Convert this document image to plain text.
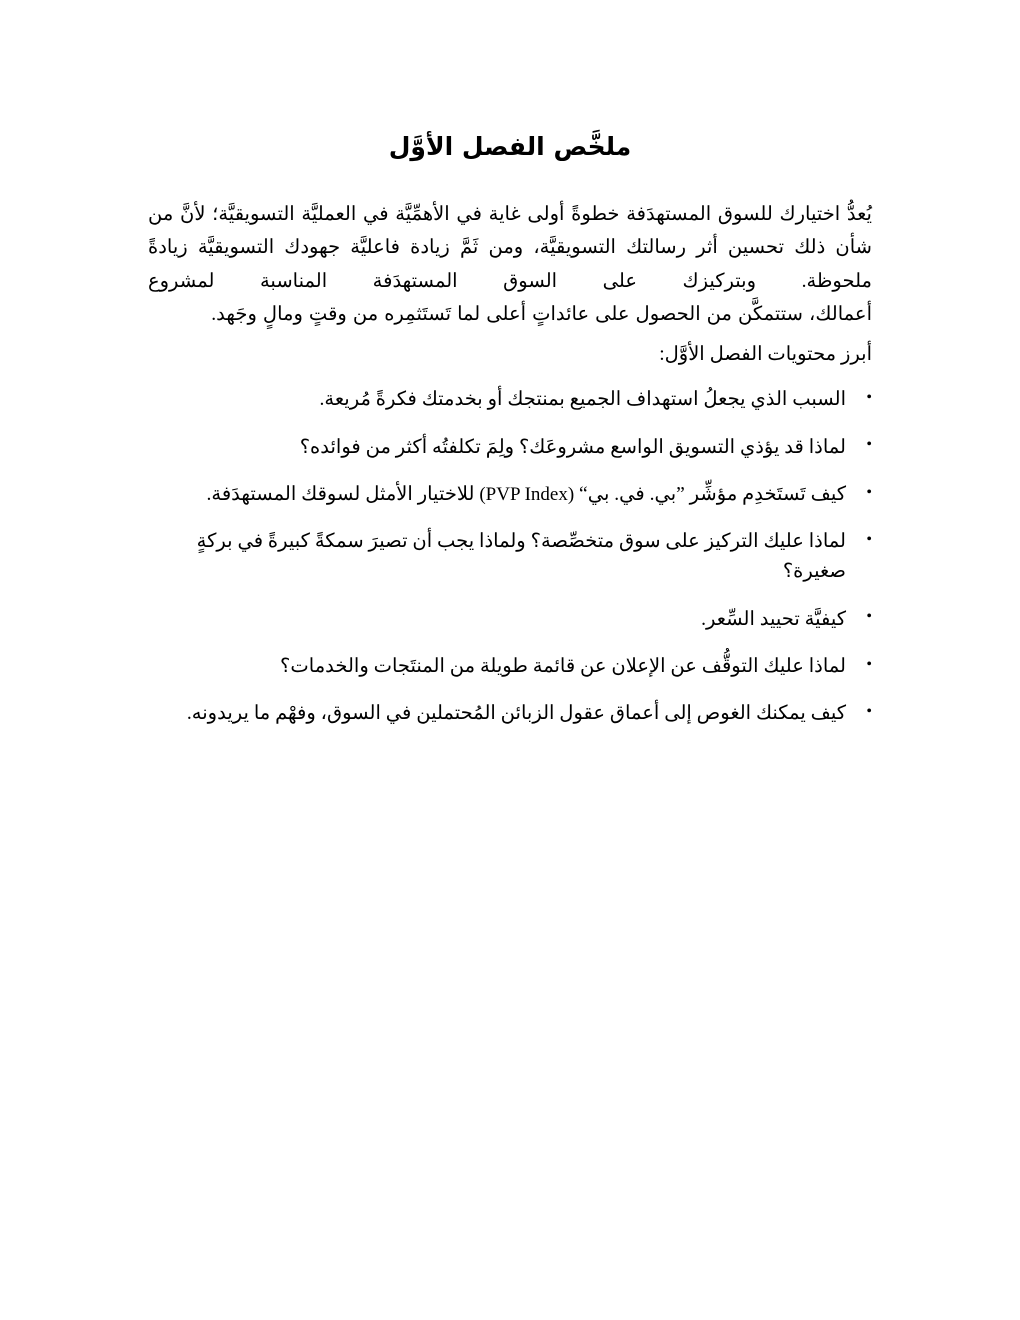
ملخَّص الفصل الأوَّل

يُعدُّ اختيارك للسوق المستهدَفة خطوةً أولى غاية في الأهمِّيَّة في العمليَّة التسويقيَّة؛ لأنَّ من شأن ذلك تحسين أثر رسالتك التسويقيَّة، ومن ثَمَّ زيادة فاعليَّة جهودك التسويقيَّة زيادةً ملحوظة. وبتركيزك على السوق المستهدَفة المناسبة لمشروع
أعمالك، ستتمكَّن من الحصول على عائداتٍ أعلى لما تَستَثمِره من وقتٍ ومالٍ وجَهد.

أبرز محتويات الفصل الأوَّل:

•
السبب الذي يجعلُ استهداف الجميع بمنتجك أو بخدمتك فكرةً مُريعة.
•
لماذا قد يؤذي التسويق الواسع مشروعَك؟ ولِمَ تكلفتُه أكثر من فوائده؟
•
كيف تَستَخدِم مؤشِّر ”بي. في. بي‏“ (PVP Index) للاختيار الأمثل لسوقك المستهدَفة.
•
لماذا عليك التركيز على سوق متخصِّصة؟ ولماذا يجب أن تصيرَ سمكةً كبيرةً في بركةٍ صغيرة؟
•
كيفيَّة تحييد السِّعر.
•
لماذا عليك التوقُّف عن الإعلان عن قائمة طويلة من المنتَجات والخدمات؟
•
كيف يمكنك الغوص إلى أعماق عقول الزبائن المُحتملين في السوق، وفهْم ما يريدونه.
